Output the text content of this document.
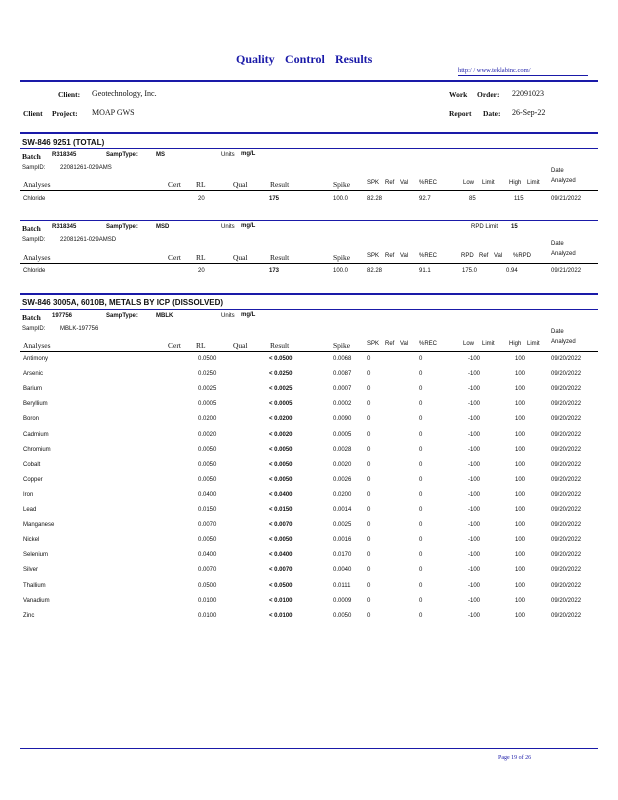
Quality Control Results
http:/ / www.teklabinc.com/
Client: Geotechnology, Inc.
Client Project: MOAP GWS
Work Order: 22091023
Report Date: 26-Sep-22
SW-846 9251 (TOTAL)
Batch R318345	SampType:	MS	Units mg/L
SampID: 22081261-029AMS	Date
Analyses	Cert RL	Qual	Result	Spike	SPK Ref Val %REC	Low Limit High Limit Analyzed
Chloride	20	175	100.0	82.28	92.7	85	115	09/21/2022
Batch R318345	SampType:	MSD	Units mg/L	RPD Limit 15
SampID: 22081261-029AMSD
Date
Analyses	Cert RL	Qual	Result	Spike	SPK Ref Val %REC	RPD Ref Val %RPD	Analyzed
Chloride	20	173	100.0	82.28	91.1	175.0	0.94	09/21/2022
SW-846 3005A, 6010B, METALS BY ICP (DISSOLVED)
Batch 197756	SampType:	MBLK	Units mg/L
SampID: MBLK-197756	Date
Analyses	Cert RL	Qual	Result	Spike	SPK Ref Val %REC	Low Limit High Limit Analyzed
Antimony	0.0500	< 0.0500	0.0068	0	0	-100	100	09/20/2022
Arsenic	0.0250	< 0.0250	0.0087	0	0	-100	100	09/20/2022
Barium	0.0025	< 0.0025	0.0007	0	0	-100	100	09/20/2022
Beryllium	0.0005	< 0.0005	0.0002	0	0	-100	100	09/20/2022
Boron	0.0200	< 0.0200	0.0090	0	0	-100	100	09/20/2022
Cadmium	0.0020	< 0.0020	0.0005	0	0	-100	100	09/20/2022
Chromium	0.0050	< 0.0050	0.0028	0	0	-100	100	09/20/2022
Cobalt	0.0050	< 0.0050	0.0020	0	0	-100	100	09/20/2022
Copper	0.0050	< 0.0050	0.0026	0	0	-100	100	09/20/2022
Iron	0.0400	< 0.0400	0.0200	0	0	-100	100	09/20/2022
Lead	0.0150	< 0.0150	0.0014	0	0	-100	100	09/20/2022
Manganese	0.0070	< 0.0070	0.0025	0	0	-100	100	09/20/2022
Nickel	0.0050	< 0.0050	0.0016	0	0	-100	100	09/20/2022
Selenium	0.0400	< 0.0400	0.0170	0	0	-100	100	09/20/2022
Silver	0.0070	< 0.0070	0.0040	0	0	-100	100	09/20/2022
Thallium	0.0500	< 0.0500	0.0111	0	0	-100	100	09/20/2022
Vanadium	0.0100	< 0.0100	0.0009	0	0	-100	100	09/20/2022
Zinc	0.0100	< 0.0100	0.0050	0	0	-100	100	09/20/2022
Page 19 of 26
